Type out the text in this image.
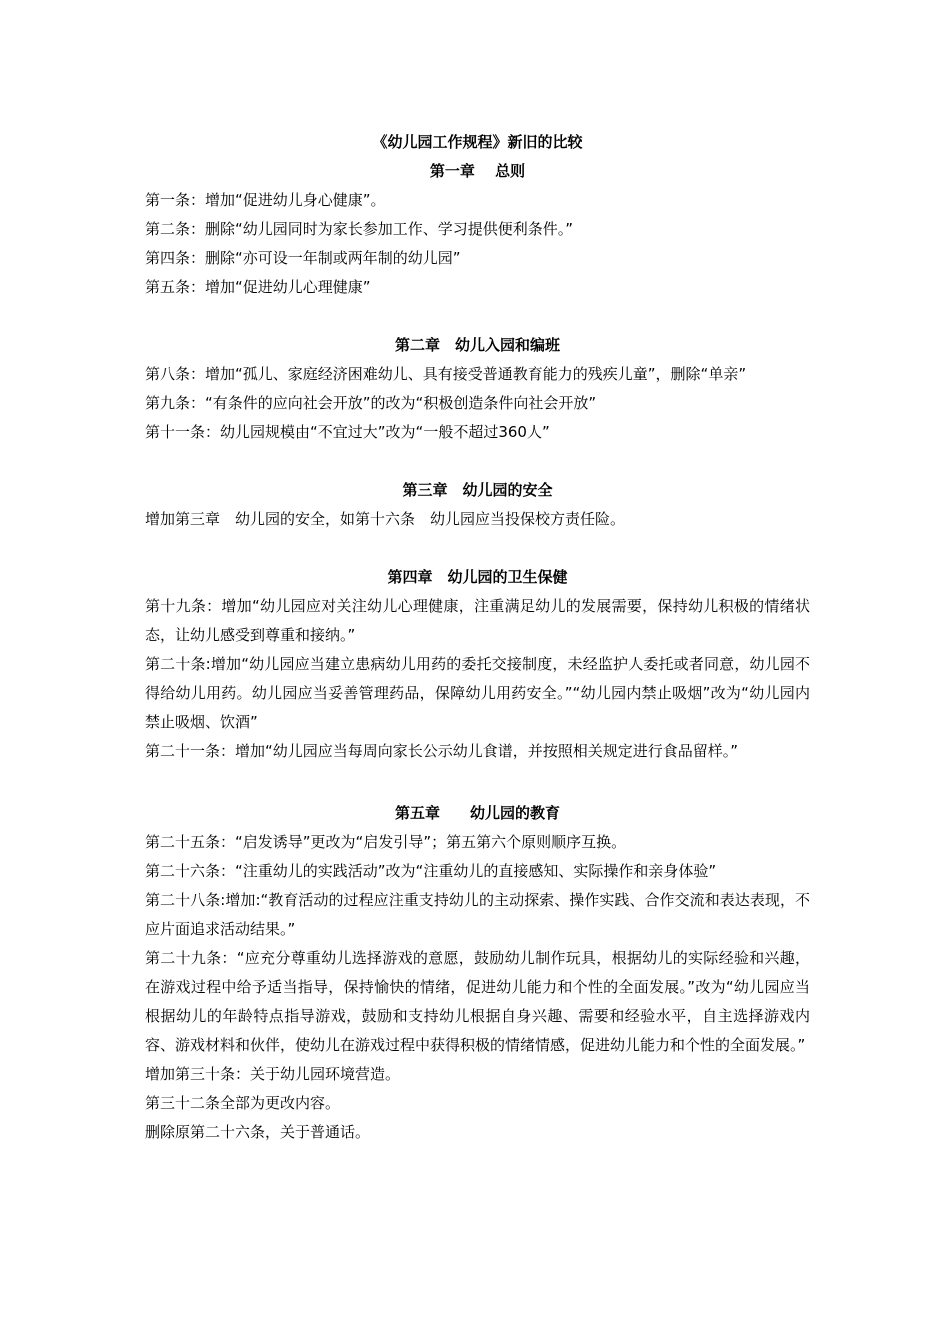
《幼儿园工作规程》新旧的比较
第一章　 总则

第一条：增加“促进幼儿身心健康”。

第二条：删除“幼儿园同时为家长参加工作、学习提供便利条件。”

第四条：删除“亦可设一年制或两年制的幼儿园”

第五条：增加“促进幼儿心理健康”

第二章　幼儿入园和编班

第八条：增加“孤儿、家庭经济困难幼儿、具有接受普通教育能力的残疾儿童”，删除“单亲”

第九条：“有条件的应向社会开放”的改为“积极创造条件向社会开放”

第十一条：幼儿园规模由“不宜过大”改为“一般不超过360人”

第三章　幼儿园的安全

增加第三章　幼儿园的安全，如第十六条　幼儿园应当投保校方责任险。

第四章　幼儿园的卫生保健

第十九条：增加“幼儿园应对关注幼儿心理健康，注重满足幼儿的发展需要，保持幼儿积极的情绪状态，让幼儿感受到尊重和接纳。”

第二十条:增加“幼儿园应当建立患病幼儿用药的委托交接制度，未经监护人委托或者同意，幼儿园不得给幼儿用药。幼儿园应当妥善管理药品，保障幼儿用药安全。”“幼儿园内禁止吸烟”改为“幼儿园内禁止吸烟、饮酒”

第二十一条：增加“幼儿园应当每周向家长公示幼儿食谱，并按照相关规定进行食品留样。”

第五章　　幼儿园的教育

第二十五条：“启发诱导”更改为“启发引导”；第五第六个原则顺序互换。

第二十六条：“注重幼儿的实践活动”改为“注重幼儿的直接感知、实际操作和亲身体验”

第二十八条:增加:“教育活动的过程应注重支持幼儿的主动探索、操作实践、合作交流和表达表现，不应片面追求活动结果。”

第二十九条：“应充分尊重幼儿选择游戏的意愿，鼓励幼儿制作玩具，根据幼儿的实际经验和兴趣，在游戏过程中给予适当指导，保持愉快的情绪，促进幼儿能力和个性的全面发展。”改为“幼儿园应当根据幼儿的年龄特点指导游戏，鼓励和支持幼儿根据自身兴趣、需要和经验水平，自主选择游戏内容、游戏材料和伙伴，使幼儿在游戏过程中获得积极的情绪情感，促进幼儿能力和个性的全面发展。”

增加第三十条：关于幼儿园环境营造。

第三十二条全部为更改内容。

删除原第二十六条，关于普通话。
